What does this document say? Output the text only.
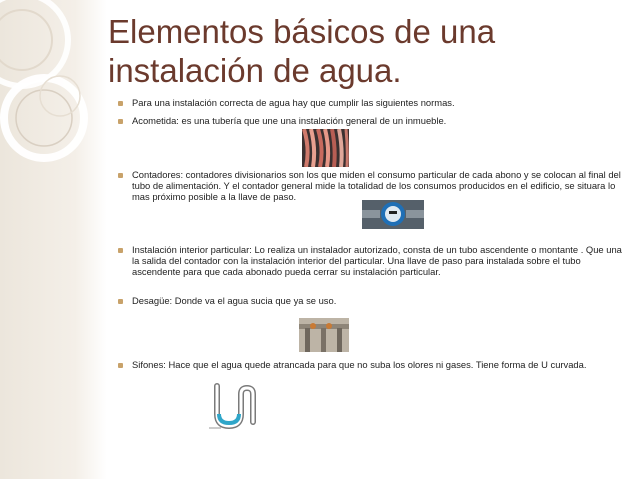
Elementos básicos de una instalación de agua.
Para una instalación correcta de agua hay que cumplir las siguientes normas.
Acometida: es una tubería que une una instalación general de un inmueble.
Contadores: contadores divisionarios son los que miden el consumo particular de cada abono y se colocan al final del tubo de alimentación. Y el contador general mide la totalidad de los consumos producidos en el edificio, se situara lo mas próximo posible a la llave de paso.
Instalación interior particular: Lo realiza un instalador autorizado, consta de un tubo ascendente o montante . Que una la salida del contador con la instalación interior del particular. Una llave de paso para instalada sobre el tubo ascendente para que cada abonado pueda cerrar su instalación particular.
Desagüe: Donde va el agua sucia que ya se uso.
Sifones: Hace que el agua quede atrancada para que no suba los olores ni gases. Tiene forma de U curvada.
